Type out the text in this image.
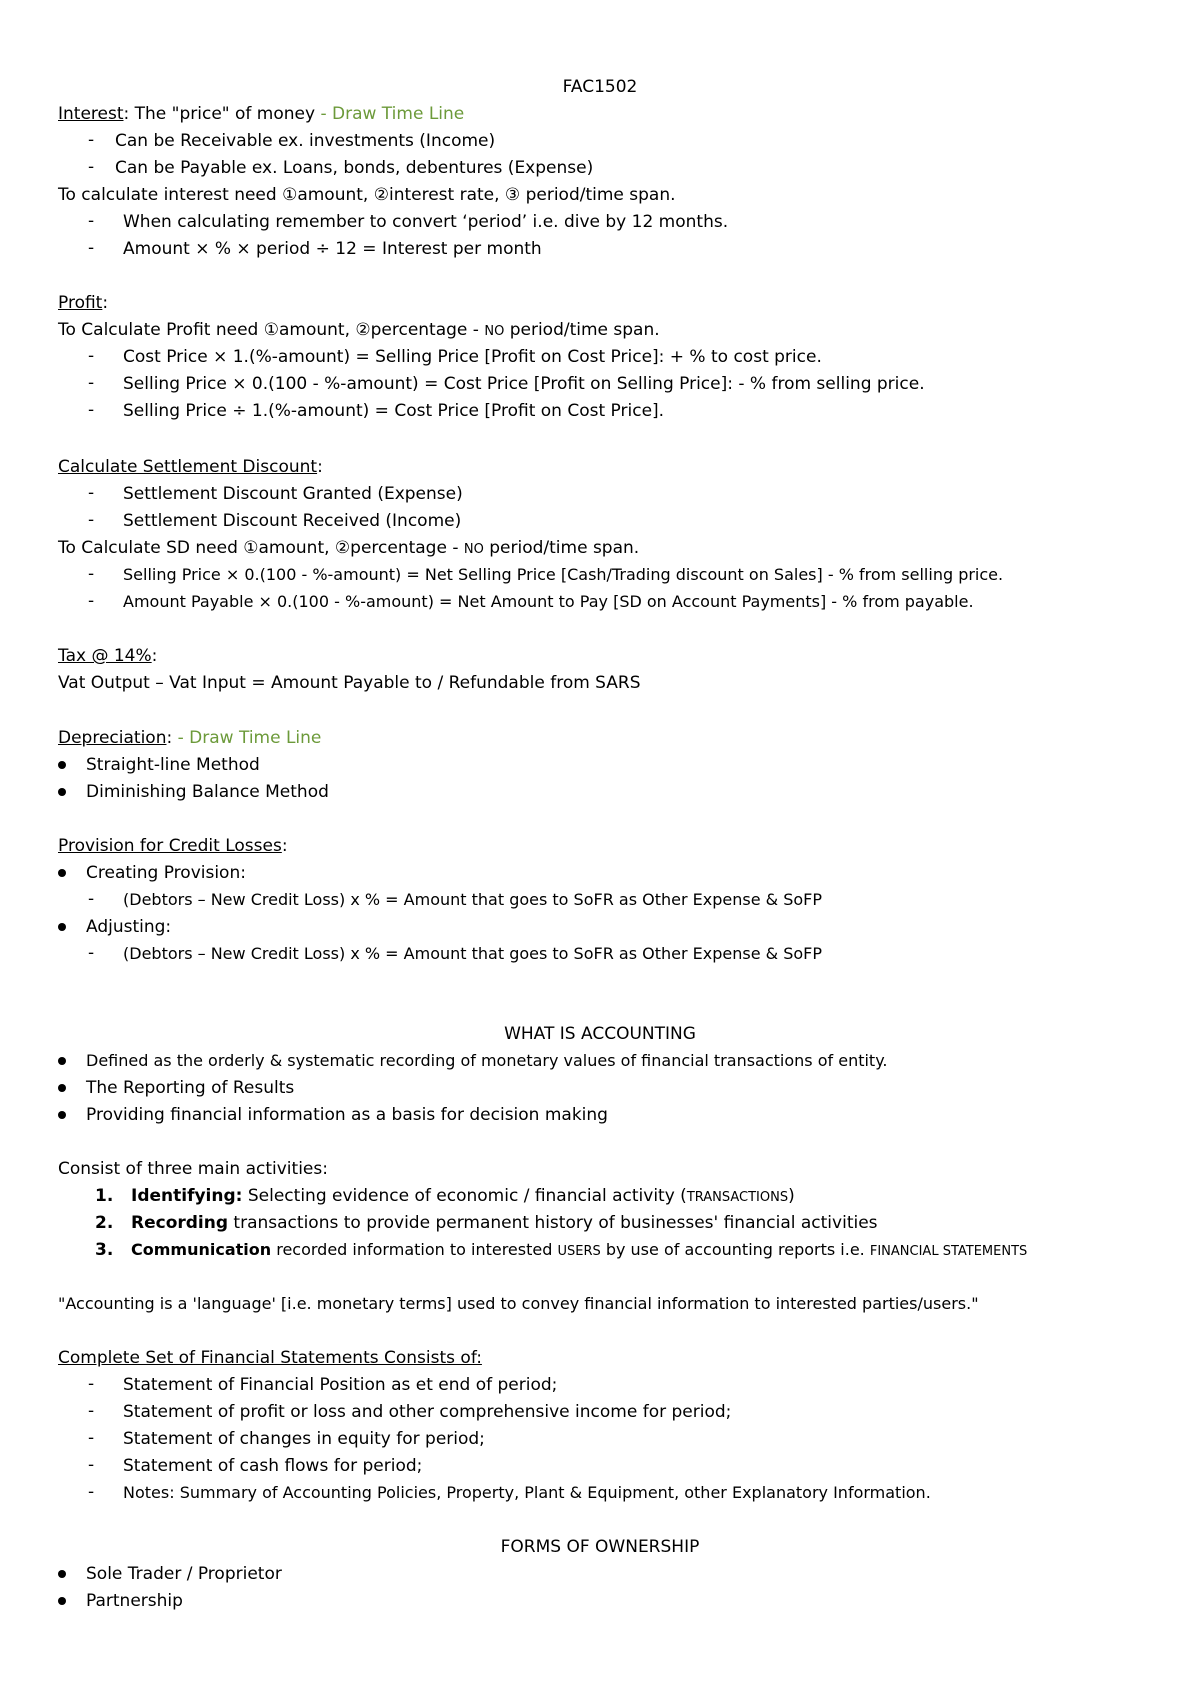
FAC1502
Interest: The "price" of money - Draw Time Line
- Can be Receivable ex. investments (Income)
- Can be Payable ex. Loans, bonds, debentures (Expense)
To calculate interest need ①amount, ②interest rate, ③ period/time span.
- When calculating remember to convert ‘period’ i.e. dive by 12 months.
- Amount × % × period ÷ 12 = Interest per month
Profit:
To Calculate Profit need ①amount, ②percentage - NO period/time span.
- Cost Price × 1.(%-amount) = Selling Price [Profit on Cost Price]: + % to cost price.
- Selling Price × 0.(100 - %-amount) = Cost Price [Profit on Selling Price]: - % from selling price.
- Selling Price ÷ 1.(%-amount) = Cost Price [Profit on Cost Price].
Calculate Settlement Discount:
- Settlement Discount Granted (Expense)
- Settlement Discount Received (Income)
To Calculate SD need ①amount, ②percentage - NO period/time span.
- Selling Price × 0.(100 - %-amount) = Net Selling Price [Cash/Trading discount on Sales] - % from selling price.
- Amount Payable × 0.(100 - %-amount) = Net Amount to Pay [SD on Account Payments] - % from payable.
Tax @ 14%:
Vat Output – Vat Input = Amount Payable to / Refundable from SARS
Depreciation: - Draw Time Line
Straight-line Method
Diminishing Balance Method
Provision for Credit Losses:
Creating Provision:
- (Debtors – New Credit Loss) x % = Amount that goes to SoFR as Other Expense & SoFP
Adjusting:
- (Debtors – New Credit Loss) x % = Amount that goes to SoFR as Other Expense & SoFP
WHAT IS ACCOUNTING
Defined as the orderly & systematic recording of monetary values of financial transactions of entity.
The Reporting of Results
Providing financial information as a basis for decision making
Consist of three main activities:
1. Identifying: Selecting evidence of economic / financial activity (TRANSACTIONS)
2. Recording transactions to provide permanent history of businesses' financial activities
3. Communication recorded information to interested USERS by use of accounting reports i.e. FINANCIAL STATEMENTS
"Accounting is a 'language' [i.e. monetary terms] used to convey financial information to interested parties/users."
Complete Set of Financial Statements Consists of:
- Statement of Financial Position as et end of period;
- Statement of profit or loss and other comprehensive income for period;
- Statement of changes in equity for period;
- Statement of cash flows for period;
- Notes: Summary of Accounting Policies, Property, Plant & Equipment, other Explanatory Information.
FORMS OF OWNERSHIP
Sole Trader / Proprietor
Partnership
